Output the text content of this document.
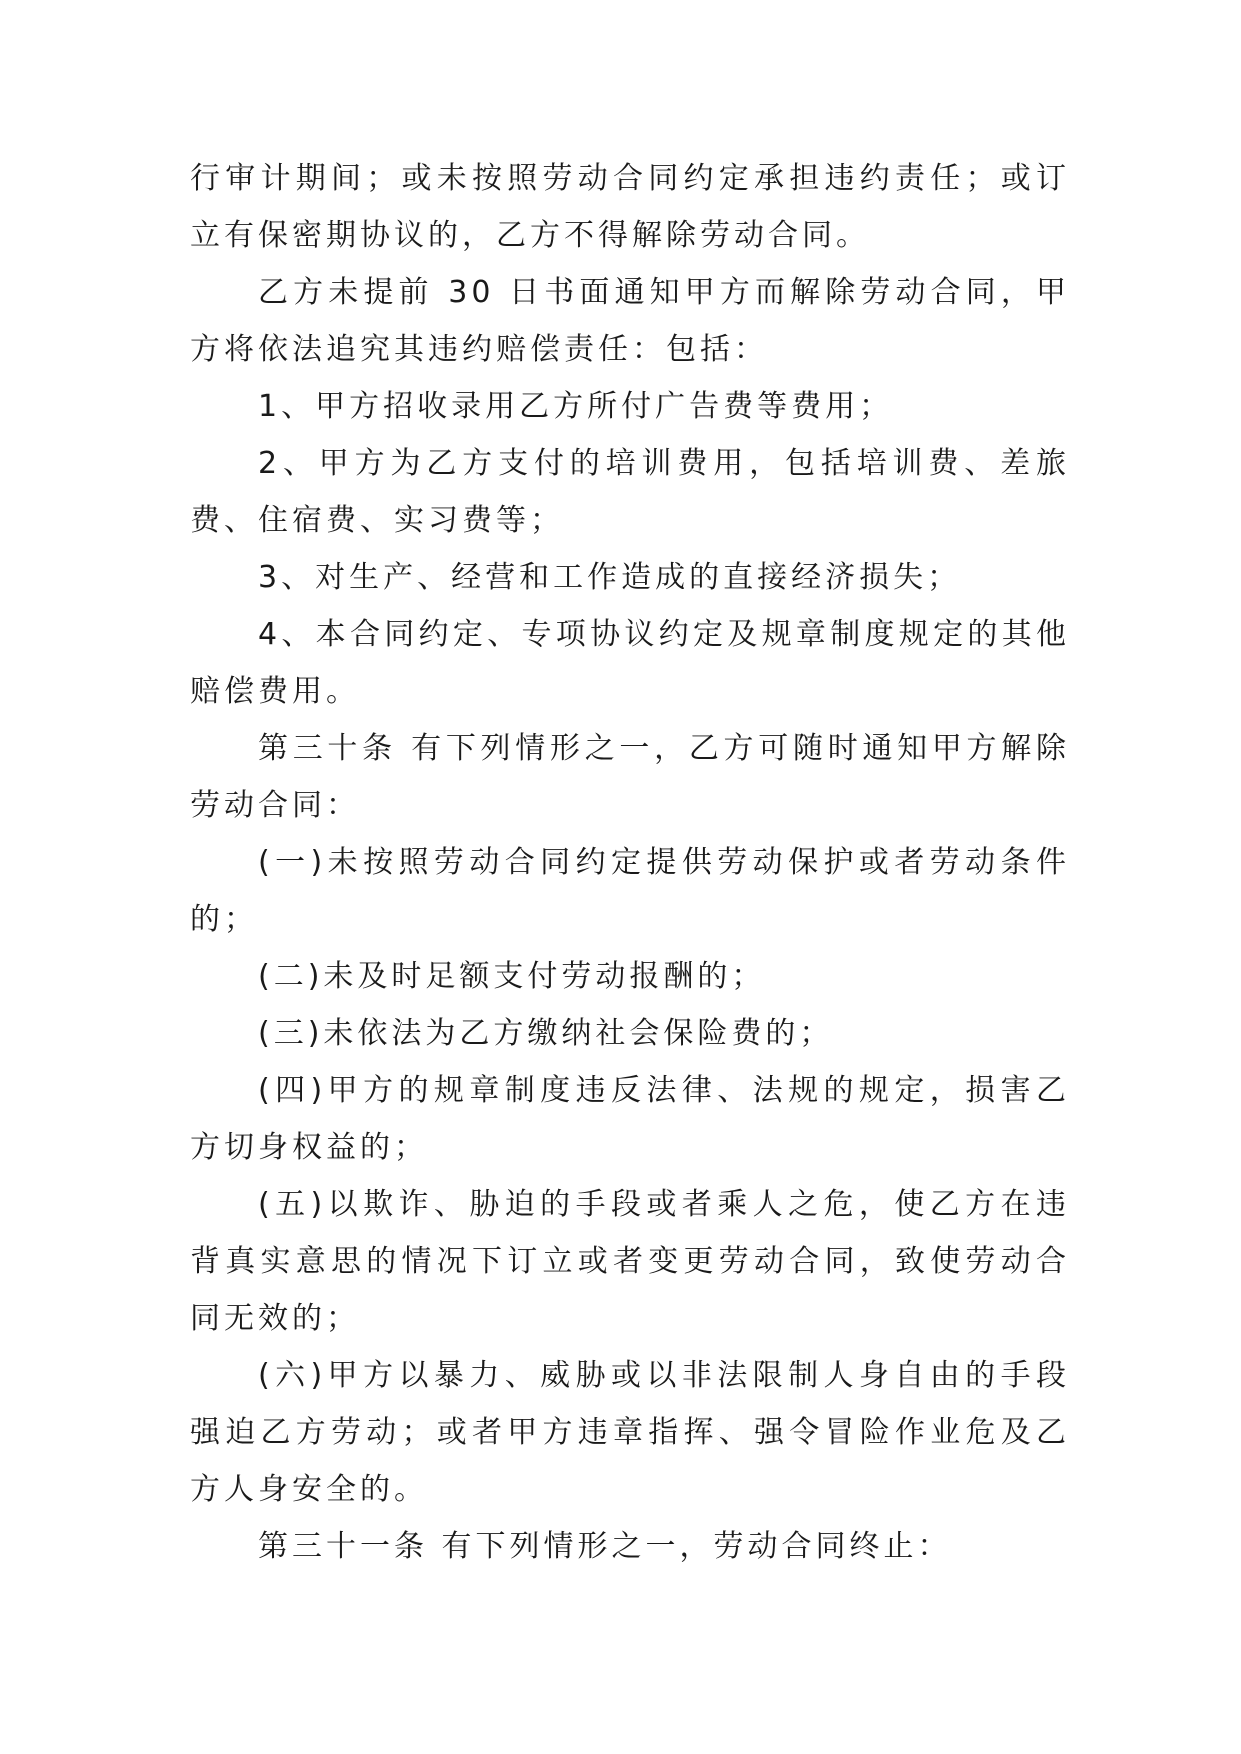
行审计期间；或未按照劳动合同约定承担违约责任；或订立有保密期协议的，乙方不得解除劳动合同。

乙方未提前 30 日书面通知甲方而解除劳动合同，甲方将依法追究其违约赔偿责任：包括：

1、甲方招收录用乙方所付广告费等费用；

2、甲方为乙方支付的培训费用，包括培训费、差旅费、住宿费、实习费等；

3、对生产、经营和工作造成的直接经济损失；

4、本合同约定、专项协议约定及规章制度规定的其他赔偿费用。

第三十条 有下列情形之一，乙方可随时通知甲方解除劳动合同：

(一)未按照劳动合同约定提供劳动保护或者劳动条件的；

(二)未及时足额支付劳动报酬的；

(三)未依法为乙方缴纳社会保险费的；

(四)甲方的规章制度违反法律、法规的规定，损害乙方切身权益的；

(五)以欺诈、胁迫的手段或者乘人之危，使乙方在违背真实意思的情况下订立或者变更劳动合同，致使劳动合同无效的；

(六)甲方以暴力、威胁或以非法限制人身自由的手段强迫乙方劳动；或者甲方违章指挥、强令冒险作业危及乙方人身安全的。

第三十一条 有下列情形之一，劳动合同终止：
